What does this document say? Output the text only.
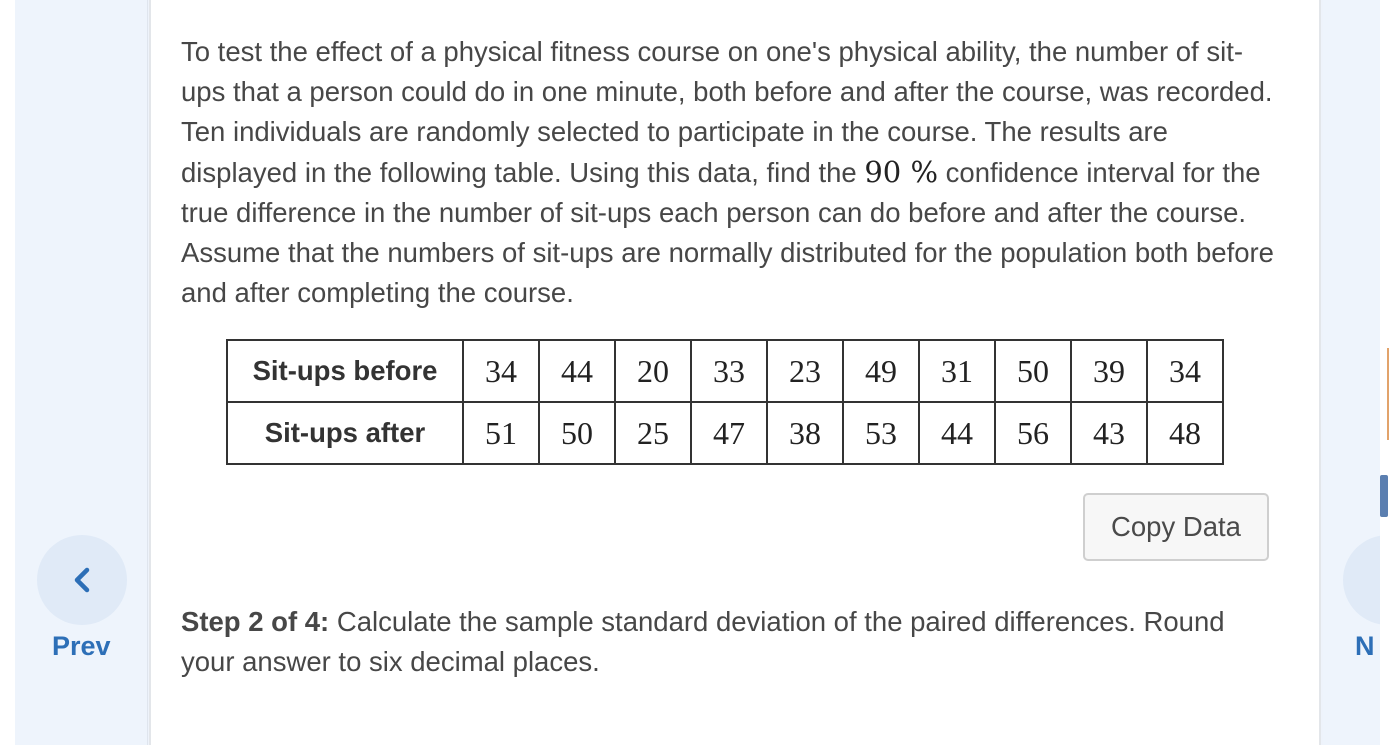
Prev	N
To test the effect of a physical fitness course on one's physical ability, the number of sit-ups that a person could do in one minute, both before and after the course, was recorded. Ten individuals are randomly selected to participate in the course. The results are displayed in the following table. Using this data, find the 90 % confidence interval for the true difference in the number of sit-ups each person can do before and after the course. Assume that the numbers of sit-ups are normally distributed for the population both before and after completing the course.
Sit-ups before	34	44	20	33	23	49	31	50	39	34
Sit-ups after	51	50	25	47	38	53	44	56	43	48
Copy Data
Step 2 of 4: Calculate the sample standard deviation of the paired differences. Round your answer to six decimal places.
